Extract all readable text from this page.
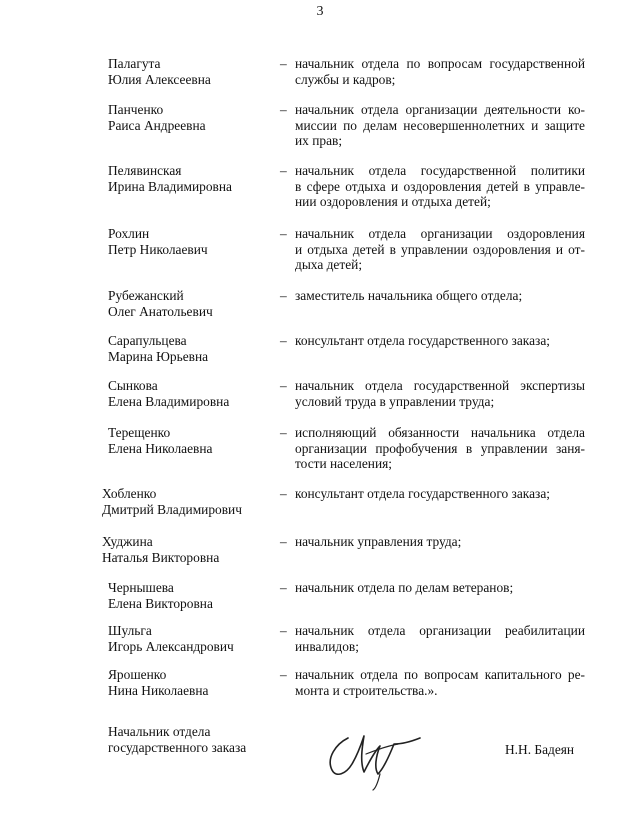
3
Палагута
Юлия Алексеевна
– начальник отдела по вопросам государственной
службы и кадров;
Панченко
Раиса Андреевна
– начальник отдела организации деятельности ко-
миссии по делам несовершеннолетних и защите
их прав;
Пелявинская
Ирина Владимировна
– начальник отдела государственной политики
в сфере отдыха и оздоровления детей в управле-
нии оздоровления и отдыха детей;
Рохлин
Петр Николаевич
– начальник отдела организации оздоровления
и отдыха детей в управлении оздоровления и от-
дыха детей;
Рубежанский
Олег Анатольевич
– заместитель начальника общего отдела;
Сарапульцева
Марина Юрьевна
– консультант отдела государственного заказа;
Сынкова
Елена Владимировна
– начальник отдела государственной экспертизы
условий труда в управлении труда;
Терещенко
Елена Николаевна
– исполняющий обязанности начальника отдела
организации профобучения в управлении заня-
тости населения;
Хобленко
Дмитрий Владимирович
– консультант отдела государственного заказа;
Худжина
Наталья Викторовна
– начальник управления труда;
Чернышева
Елена Викторовна
– начальник отдела по делам ветеранов;
Шульга
Игорь Александрович
– начальник отдела организации реабилитации
инвалидов;
Ярошенко
Нина Николаевна
– начальник отдела по вопросам капитального ре-
монта и строительства.».
Начальник отдела
государственного заказа	Н.Н. Бадеян
